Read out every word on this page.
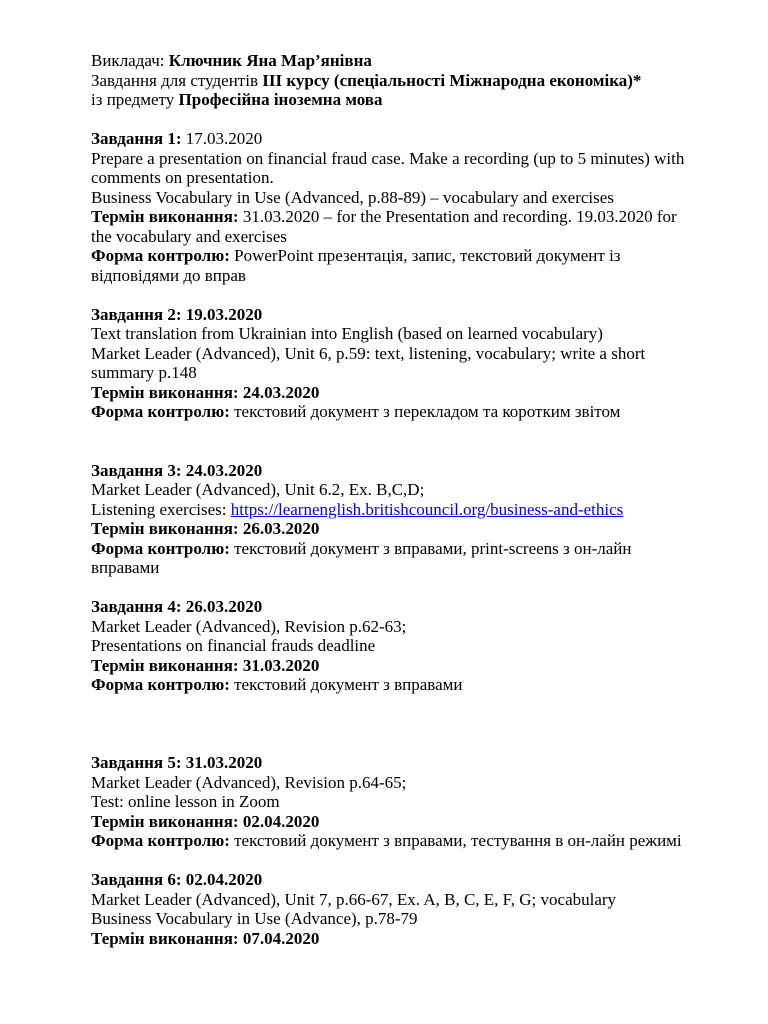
Викладач: Ключник Яна Мар’янівна
Завдання для студентів III курсу (спеціальності Міжнародна економіка)*
із предмету Професійна іноземна мова
Завдання 1: 17.03.2020
Prepare a presentation on financial fraud case. Make a recording (up to 5 minutes) with comments on presentation.
Business Vocabulary in Use (Advanced, p.88-89) – vocabulary and exercises
Термін виконання: 31.03.2020 – for the Presentation and recording. 19.03.2020 for the vocabulary and exercises
Форма контролю: PowerPoint презентація, запис, текстовий документ із відповідями до вправ
Завдання 2: 19.03.2020
Text translation from Ukrainian into English (based on learned vocabulary)
Market Leader (Advanced), Unit 6, p.59: text, listening, vocabulary; write a short summary p.148
Термін виконання: 24.03.2020
Форма контролю: текстовий документ з перекладом та коротким звітом
Завдання 3: 24.03.2020
Market Leader (Advanced), Unit 6.2, Ex. B,C,D;
Listening exercises: https://learnenglish.britishcouncil.org/business-and-ethics
Термін виконання: 26.03.2020
Форма контролю: текстовий документ з вправами, print-screens з он-лайн вправами
Завдання 4: 26.03.2020
Market Leader (Advanced), Revision p.62-63;
Presentations on financial frauds deadline
Термін виконання: 31.03.2020
Форма контролю: текстовий документ з вправами
Завдання 5: 31.03.2020
Market Leader (Advanced), Revision p.64-65;
Test: online lesson in Zoom
Термін виконання: 02.04.2020
Форма контролю: текстовий документ з вправами, тестування в он-лайн режимі
Завдання 6: 02.04.2020
Market Leader (Advanced), Unit 7, p.66-67, Ex. A, B, C, E, F, G; vocabulary
Business Vocabulary in Use (Advance), p.78-79
Термін виконання: 07.04.2020
